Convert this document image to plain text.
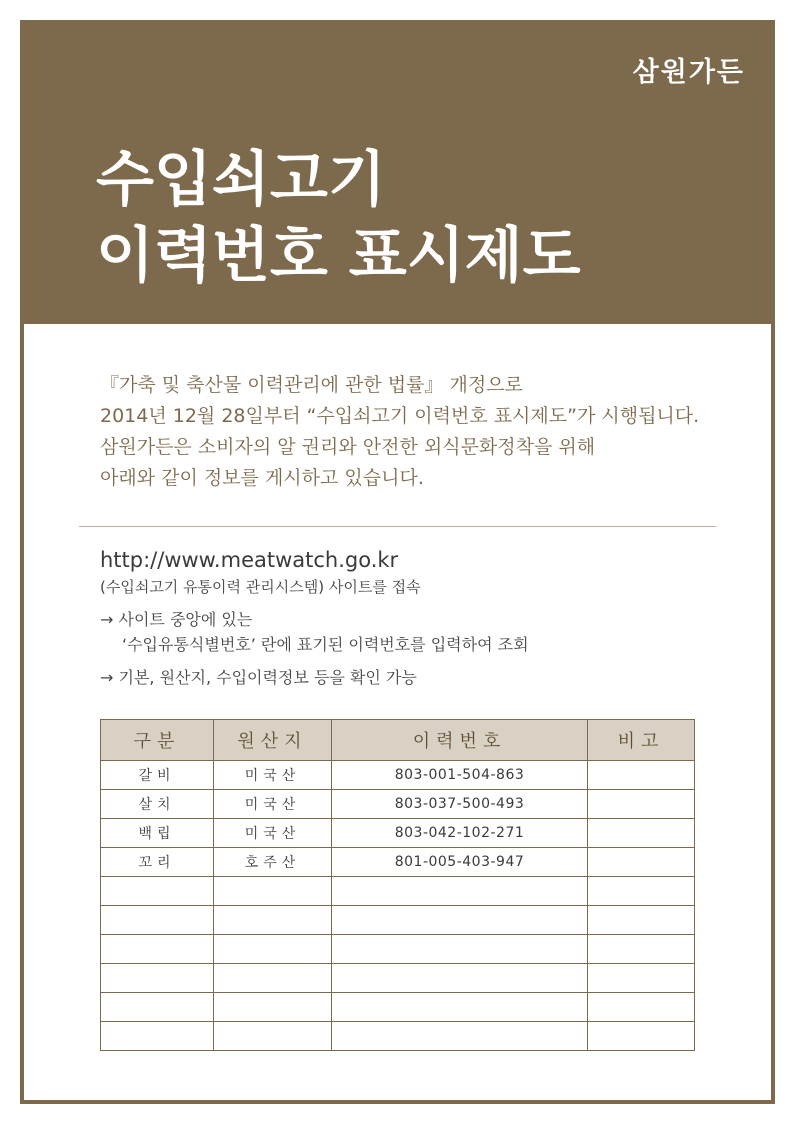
삼원가든
수입쇠고기
이력번호 표시제도
『가축 및 축산물 이력관리에 관한 법률』 개정으로
2014년 12월 28일부터 “수입쇠고기 이력번호 표시제도”가 시행됩니다.
삼원가든은 소비자의 알 권리와 안전한 외식문화정착을 위해
아래와 같이 정보를 게시하고 있습니다.
http://www.meatwatch.go.kr
(수입쇠고기 유통이력 관리시스템) 사이트를 접속
→ 사이트 중앙에 있는
‘수입유통식별번호’ 란에 표기된 이력번호를 입력하여 조회
→ 기본, 원산지, 수입이력정보 등을 확인 가능
구분	원산지	이력번호	비고
갈비	미국산	803-001-504-863	
살치	미국산	803-037-500-493	
백립	미국산	803-042-102-271	
꼬리	호주산	801-005-403-947	
